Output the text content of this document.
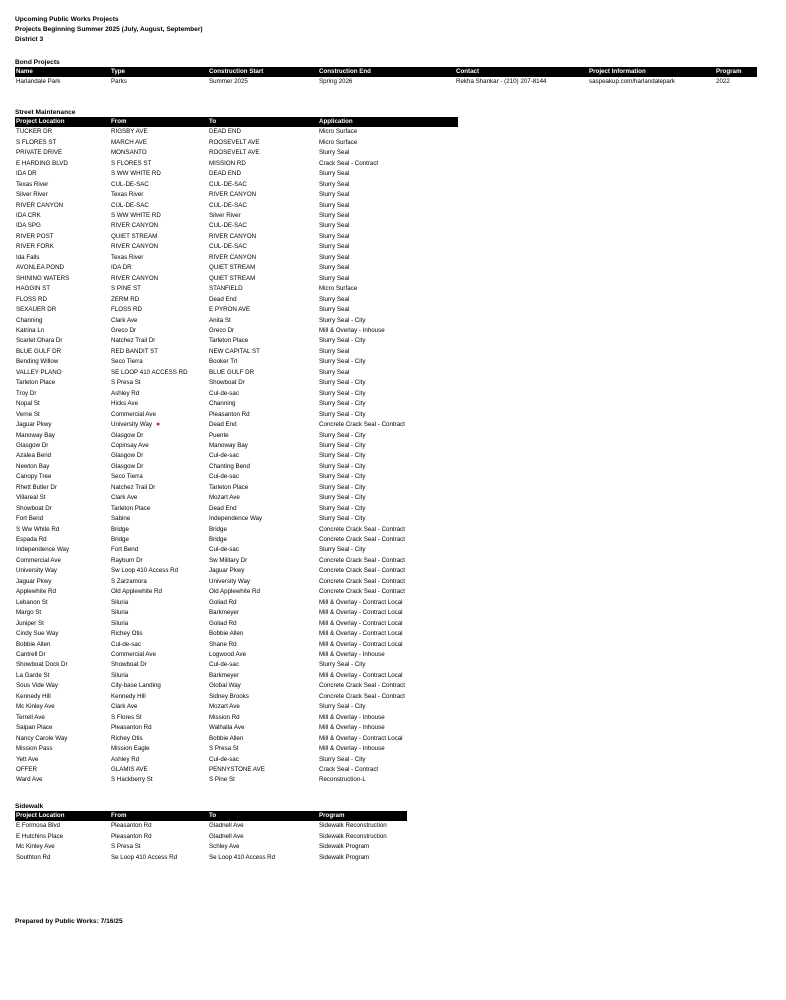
Upcoming Public Works Projects
Projects Beginning Summer 2025 (July, August, September)
District 3
Bond Projects
Name	Type	Construction Start	Construction End	Contact	Project Information	Program
Harlandale Park	Parks	Summer 2025	Spring 2026	Rekha Shankar - (210) 207-8144	saspeakup.com/harlandalepark	2022
Street Maintenance
Project Location	From	To	Application
TUCKER DR	RIGSBY AVE	DEAD END	Micro Surface
S FLORES ST	MARCH AVE	ROOSEVELT AVE	Micro Surface
PRIVATE DRIVE	MONSANTO	ROOSEVELT AVE	Slurry Seal
E HARDING BLVD	S FLORES ST	MISSION RD	Crack Seal - Contract
IDA DR	S WW WHITE RD	DEAD END	Slurry Seal
Texas River	CUL-DE-SAC	CUL-DE-SAC	Slurry Seal
Silver River	Texas River	RIVER CANYON	Slurry Seal
RIVER CANYON	CUL-DE-SAC	CUL-DE-SAC	Slurry Seal
IDA CRK	S WW WHITE RD	Silver River	Slurry Seal
IDA SPG	RIVER CANYON	CUL-DE-SAC	Slurry Seal
RIVER POST	QUIET STREAM	RIVER CANYON	Slurry Seal
RIVER FORK	RIVER CANYON	CUL-DE-SAC	Slurry Seal
Ida Falls	Texas River	RIVER CANYON	Slurry Seal
AVONLEA POND	IDA DR	QUIET STREAM	Slurry Seal
SHINING WATERS	RIVER CANYON	QUIET STREAM	Slurry Seal
HAGGIN ST	S PINE ST	STANFIELD	Micro Surface
FLOSS RD	ZERM RD	Dead End	Slurry Seal
SEXAUER DR	FLOSS RD	E PYRON AVE	Slurry Seal
Channing	Clark Ave	Anita St	Slurry Seal - City
Katrina Ln	Greco Dr	Greco Dr	Mill & Overlay - Inhouse
Scarlet Ohara Dr	Natchez Trail Dr	Tarleton Place	Slurry Seal - City
BLUE GULF DR	RED BANDIT ST	NEW CAPITAL ST	Slurry Seal
Bending Willow	Seco Tierra	Booker Trl	Slurry Seal - City
VALLEY PLANO	SE LOOP 410 ACCESS RD	BLUE GULF DR	Slurry Seal
Tarleton Place	S Presa St	Showboat Dr	Slurry Seal - City
Troy Dr	Ashley Rd	Cul-de-sac	Slurry Seal - City
Nopal St	Hicks Ave	Channing	Slurry Seal - City
Verne St	Commercial Ave	Pleasanton Rd	Slurry Seal - City
Jaguar Pkwy	University Way ●	Dead End	Concrete Crack Seal - Contract
Manoway Bay	Glasgow Dr	Puente	Slurry Seal - City
Glasgow Dr	Copinsay Ave	Manoway Bay	Slurry Seal - City
Azalea Bend	Glasgow Dr	Cul-de-sac	Slurry Seal - City
Newton Bay	Glasgow Dr	Chanting Bend	Slurry Seal - City
Canopy Tree	Seco Tierra	Cul-de-sac	Slurry Seal - City
Rhett Butler Dr	Natchez Trail Dr	Tarleton Place	Slurry Seal - City
Villareal St	Clark Ave	Mozart Ave	Slurry Seal - City
Showboat Dr	Tarleton Place	Dead End	Slurry Seal - City
Fort Bend	Sabine	Independence Way	Slurry Seal - City
S Ww White Rd	Bridge	Bridge	Concrete Crack Seal - Contract
Espada Rd	Bridge	Bridge	Concrete Crack Seal - Contract
Independence Way	Fort Bend	Cul-de-sac	Slurry Seal - City
Commercial Ave	Rayburn Dr	Sw Military Dr	Concrete Crack Seal - Contract
University Way	Sw Loop 410 Access Rd	Jaguar Pkwy	Concrete Crack Seal - Contract
Jaguar Pkwy	S Zarzamora	University Way	Concrete Crack Seal - Contract
Applewhite Rd	Old Applewhite Rd	Old Applewhite Rd	Concrete Crack Seal - Contract
Lebanon St	Siluria	Goliad Rd	Mill & Overlay - Contract Local
Margo St	Siluria	Barkmeyer	Mill & Overlay - Contract Local
Juniper St	Siluria	Goliad Rd	Mill & Overlay - Contract Local
Cindy Sue Way	Richey Otis	Bobbie Allen	Mill & Overlay - Contract Local
Bobbie Allen	Cul-de-sac	Shane Rd	Mill & Overlay - Contract Local
Cantrell Dr	Commercial Ave	Logwood Ave	Mill & Overlay - Inhouse
Showboat Dock Dr	Showboat Dr	Cul-de-sac	Slurry Seal - City
La Garde St	Siluria	Barkmeyer	Mill & Overlay - Contract Local
Sous Vide Way	City-base Landing	Global Way	Concrete Crack Seal - Contract
Kennedy Hill	Kennedy Hill	Sidney Brooks	Concrete Crack Seal - Contract
Mc Kinley Ave	Clark Ave	Mozart Ave	Slurry Seal - City
Terrell Ave	S Flores St	Mission Rd	Mill & Overlay - Inhouse
Saipan Place	Pleasanton Rd	Walhalla Ave	Mill & Overlay - Inhouse
Nancy Carole Way	Richey Otis	Bobbie Allen	Mill & Overlay - Contract Local
Mission Pass	Mission Eagle	S Presa St	Mill & Overlay - Inhouse
Yett Ave	Ashley Rd	Cul-de-sac	Slurry Seal - City
OFFER	GLAMIS AVE	PENNYSTONE AVE	Crack Seal - Contract
Ward Ave	S Hackberry St	S Pine St	Reconstruction-L
Sidewalk
Project Location	From	To	Program
E Formosa Blvd	Pleasanton Rd	Gladnell Ave	Sidewalk Reconstruction
E Hutchins Place	Pleasanton Rd	Gladnell Ave	Sidewalk Reconstruction
Mc Kinley Ave	S Presa St	Schley Ave	Sidewalk Program
Southton Rd	Se Loop 410 Access Rd	Se Loop 410 Access Rd	Sidewalk Program
Prepared by Public Works: 7/16/25
